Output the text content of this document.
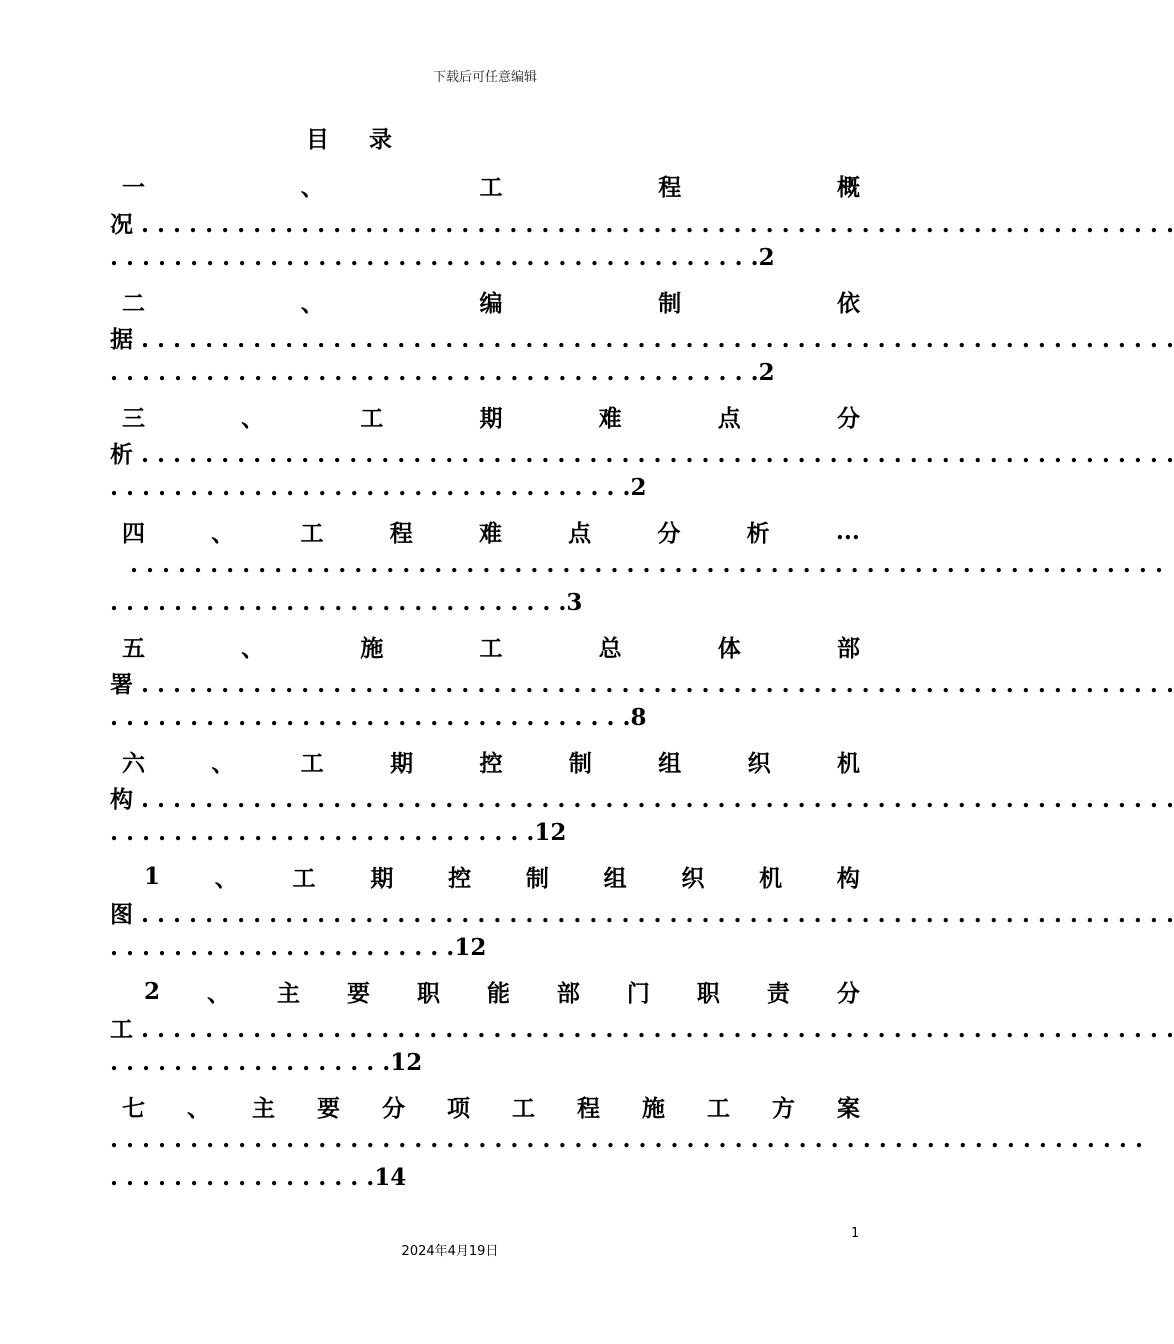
下载后可任意编辑
目 录
一	、	工	程	概
况 . . . . . . . . . . . . . . . . . . . . . . . . . . . . . . . . . . . . . . . . . . . . . . . . . . . . . . . . . . . . . . . . .
. . . . . . . . . . . . . . . . . . . . . . . . . . . . . . . . . . . . . . . . .2
二	、	编	制	依
据 . . . . . . . . . . . . . . . . . . . . . . . . . . . . . . . . . . . . . . . . . . . . . . . . . . . . . . . . . . . . . . . . .
. . . . . . . . . . . . . . . . . . . . . . . . . . . . . . . . . . . . . . . . .2
三	、	工	期	难	点	分
析 . . . . . . . . . . . . . . . . . . . . . . . . . . . . . . . . . . . . . . . . . . . . . . . . . . . . . . . . . . . . . . . . .
. . . . . . . . . . . . . . . . . . . . . . . . . . . . . . . . .2
四	、	工	程	难	点	分	析	...
. . . . . . . . . . . . . . . . . . . . . . . . . . . . . . . . . . . . . . . . . . . . . . . . . . . . . . . . . . . . . . . . .
. . . . . . . . . . . . . . . . . . . . . . . . . . . . .3
五	、	施	工	总	体	部
署 . . . . . . . . . . . . . . . . . . . . . . . . . . . . . . . . . . . . . . . . . . . . . . . . . . . . . . . . . . . . . . . . .
. . . . . . . . . . . . . . . . . . . . . . . . . . . . . . . . .8
六	、	工	期	控	制	组	织	机
构 . . . . . . . . . . . . . . . . . . . . . . . . . . . . . . . . . . . . . . . . . . . . . . . . . . . . . . . . . . . . . . . . .
. . . . . . . . . . . . . . . . . . . . . . . . . . .12
1 、 工 期 控 制 组 织 机 构
图 . . . . . . . . . . . . . . . . . . . . . . . . . . . . . . . . . . . . . . . . . . . . . . . . . . . . . . . . . . . . . . . . .
. . . . . . . . . . . . . . . . . . . . . .12
2 、 主 要 职 能 部 门 职 责 分
工 . . . . . . . . . . . . . . . . . . . . . . . . . . . . . . . . . . . . . . . . . . . . . . . . . . . . . . . . . . . . . . . . .
. . . . . . . . . . . . . . . . . .12
七 、 主 要 分 项 工 程 施 工 方 案
. . . . . . . . . . . . . . . . . . . . . . . . . . . . . . . . . . . . . . . . . . . . . . . . . . . . . . . . . . . . . . . . .
. . . . . . . . . . . . . . . . .14
1
2024年4月19日
